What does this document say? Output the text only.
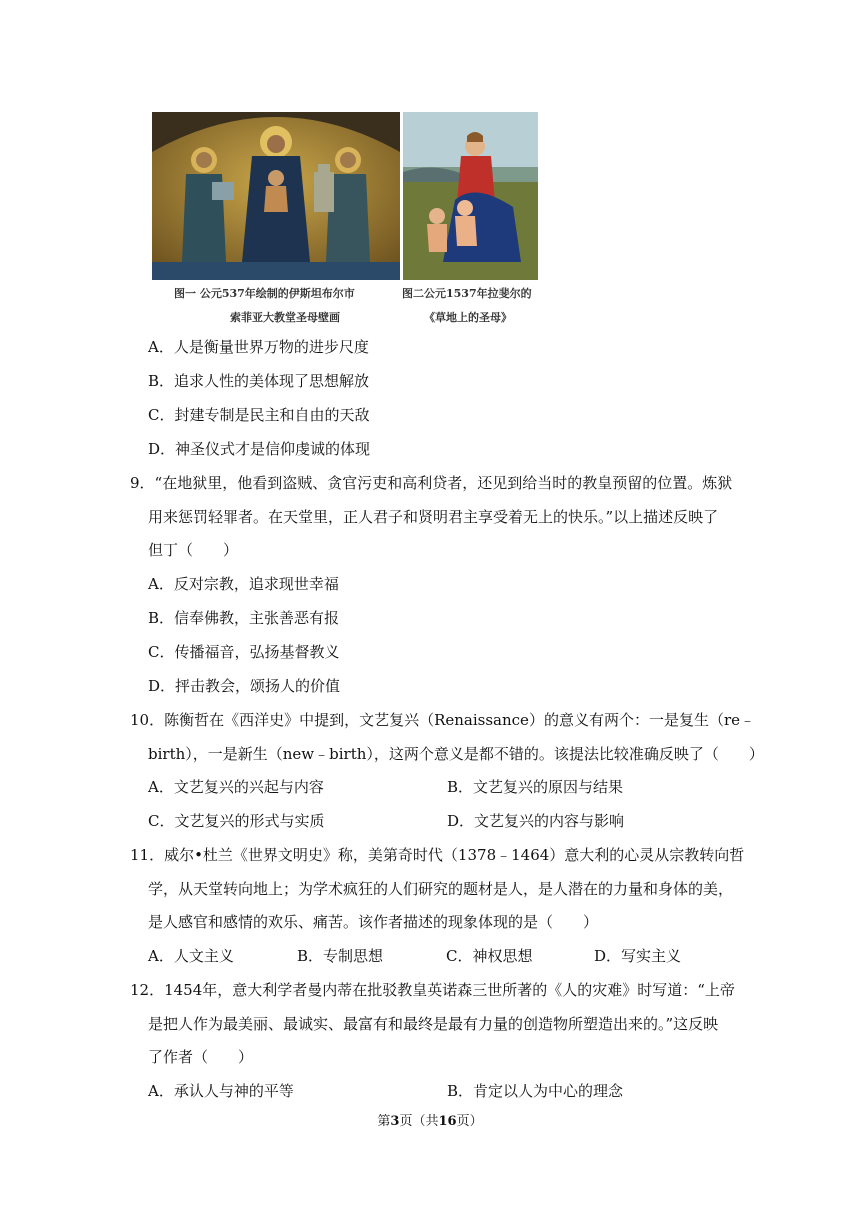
图一 公元537年绘制的伊斯坦布尔市
索菲亚大教堂圣母壁画
图二公元1537年拉斐尔的
《草地上的圣母》
A．人是衡量世界万物的进步尺度
B．追求人性的美体现了思想解放
C．封建专制是民主和自由的天敌
D．神圣仪式才是信仰虔诚的体现
9．“在地狱里，他看到盗贼、贪官污吏和高利贷者，还见到给当时的教皇预留的位置。炼狱
用来惩罚轻罪者。在天堂里，正人君子和贤明君主享受着无上的快乐。”以上描述反映了
但丁（　　）
A．反对宗教，追求现世幸福
B．信奉佛教，主张善恶有报
C．传播福音，弘扬基督教义
D．抨击教会，颂扬人的价值
10．陈衡哲在《西洋史》中提到，文艺复兴（Renaissance）的意义有两个：一是复生（re﹣
birth），一是新生（new﹣birth），这两个意义是都不错的。该提法比较准确反映了（　　）
A．文艺复兴的兴起与内容	B．文艺复兴的原因与结果
C．文艺复兴的形式与实质	D．文艺复兴的内容与影响
11．威尔•杜兰《世界文明史》称，美第奇时代（1378﹣1464）意大利的心灵从宗教转向哲
学，从天堂转向地上；为学术疯狂的人们研究的题材是人，是人潜在的力量和身体的美，
是人感官和感情的欢乐、痛苦。该作者描述的现象体现的是（　　）
A．人文主义	B．专制思想	C．神权思想	D．写实主义
12．1454年，意大利学者曼内蒂在批驳教皇英诺森三世所著的《人的灾难》时写道：“上帝
是把人作为最美丽、最诚实、最富有和最终是最有力量的创造物所塑造出来的。”这反映
了作者（　　）
A．承认人与神的平等	B．肯定以人为中心的理念
第3页（共16页）
